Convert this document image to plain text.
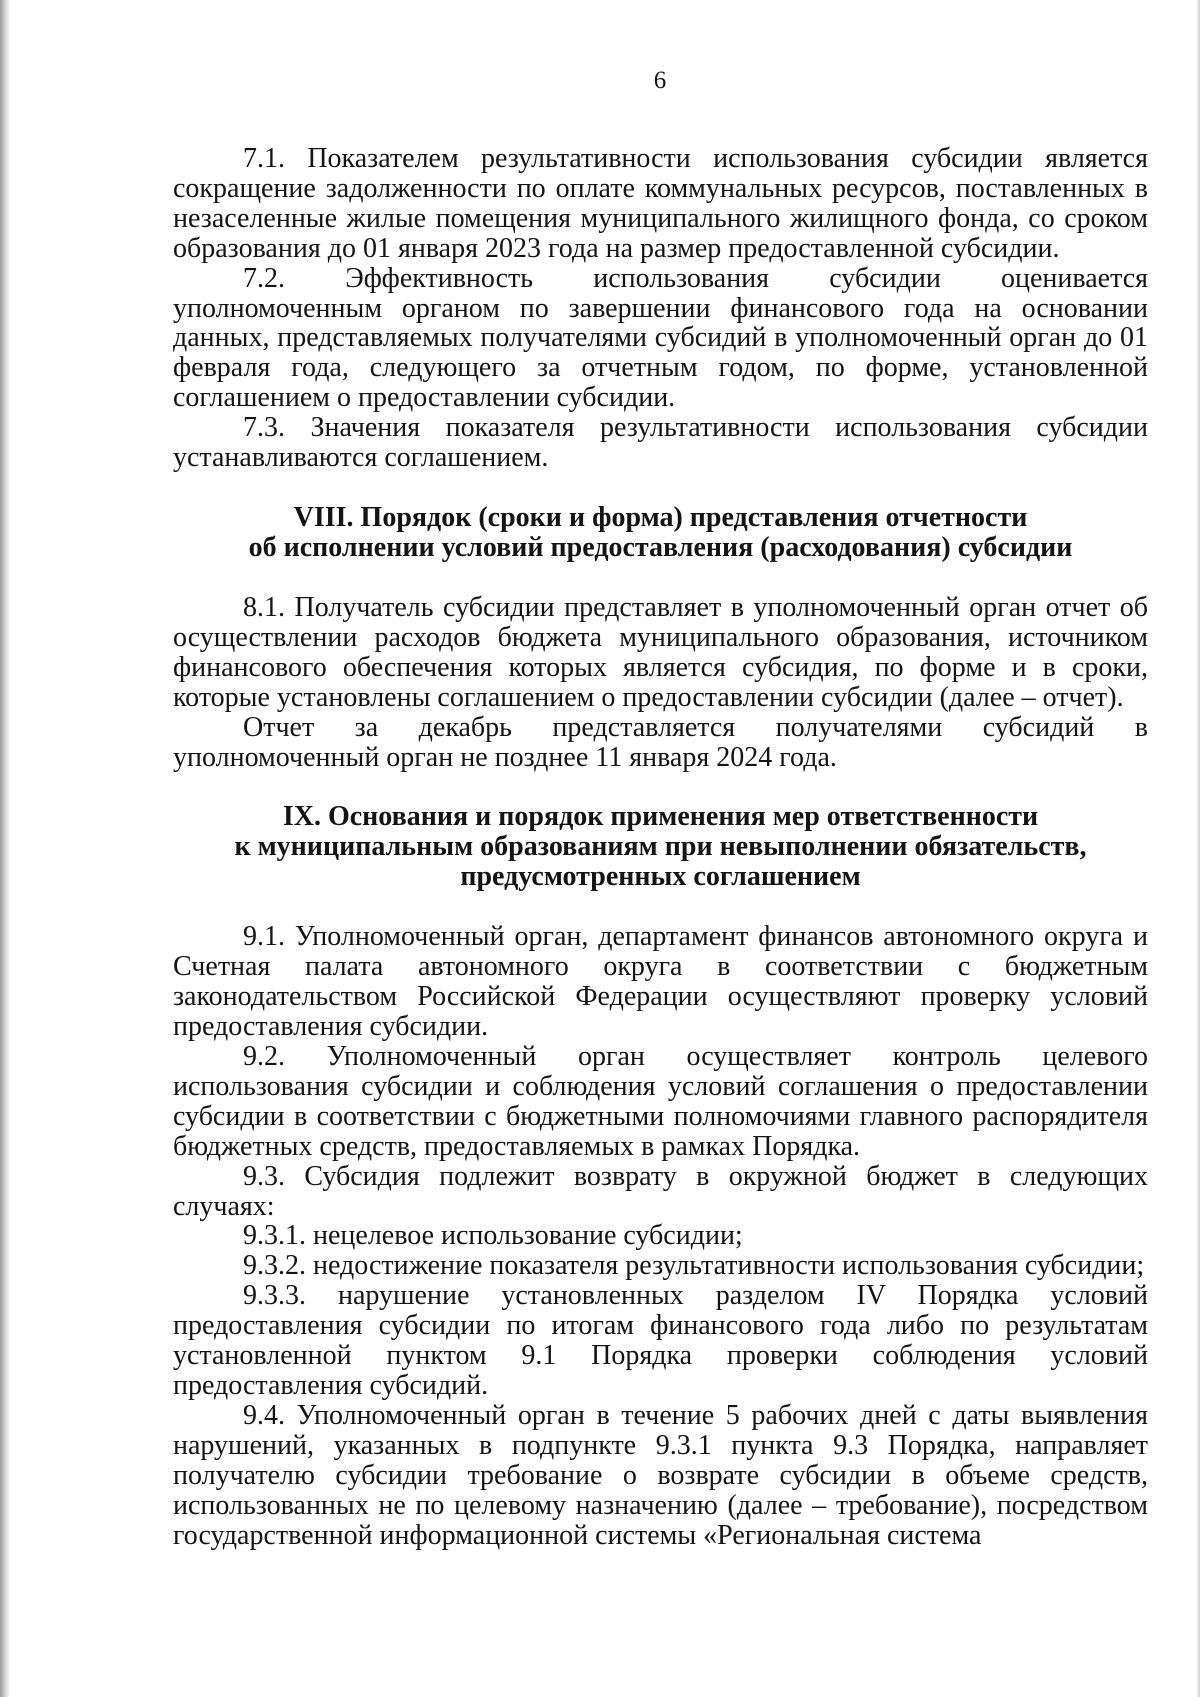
6

7.1. Показателем результативности использования субсидии является сокращение задолженности по оплате коммунальных ресурсов, поставленных в незаселенные жилые помещения муниципального жилищного фонда, со сроком образования до 01 января 2023 года на размер предоставленной субсидии.

7.2. Эффективность использования субсидии оценивается уполномоченным органом по завершении финансового года на основании данных, представляемых получателями субсидий в уполномоченный орган до 01 февраля года, следующего за отчетным годом, по форме, установленной соглашением о предоставлении субсидии.

7.3. Значения показателя результативности использования субсидии устанавливаются соглашением.

VIII. Порядок (сроки и форма) представления отчетности
об исполнении условий предоставления (расходования) субсидии

8.1. Получатель субсидии представляет в уполномоченный орган отчет об осуществлении расходов бюджета муниципального образования, источником финансового обеспечения которых является субсидия, по форме и в сроки, которые установлены соглашением о предоставлении субсидии (далее – отчет).

Отчет за декабрь представляется получателями субсидий в уполномоченный орган не позднее 11 января 2024 года.

IX. Основания и порядок применения мер ответственности
к муниципальным образованиям при невыполнении обязательств,
предусмотренных соглашением

9.1. Уполномоченный орган, департамент финансов автономного округа и Счетная палата автономного округа в соответствии с бюджетным законодательством Российской Федерации осуществляют проверку условий предоставления субсидии.

9.2. Уполномоченный орган осуществляет контроль целевого использования субсидии и соблюдения условий соглашения о предоставлении субсидии в соответствии с бюджетными полномочиями главного распорядителя бюджетных средств, предоставляемых в рамках Порядка.

9.3. Субсидия подлежит возврату в окружной бюджет в следующих случаях:

9.3.1. нецелевое использование субсидии;

9.3.2. недостижение показателя результативности использования субсидии;

9.3.3. нарушение установленных разделом IV Порядка условий предоставления субсидии по итогам финансового года либо по результатам установленной пунктом 9.1 Порядка проверки соблюдения условий предоставления субсидий.

9.4. Уполномоченный орган в течение 5 рабочих дней с даты выявления нарушений, указанных в подпункте 9.3.1 пункта 9.3 Порядка, направляет получателю субсидии требование о возврате субсидии в объеме средств, использованных не по целевому назначению (далее – требование), посредством государственной информационной системы «Региональная система
